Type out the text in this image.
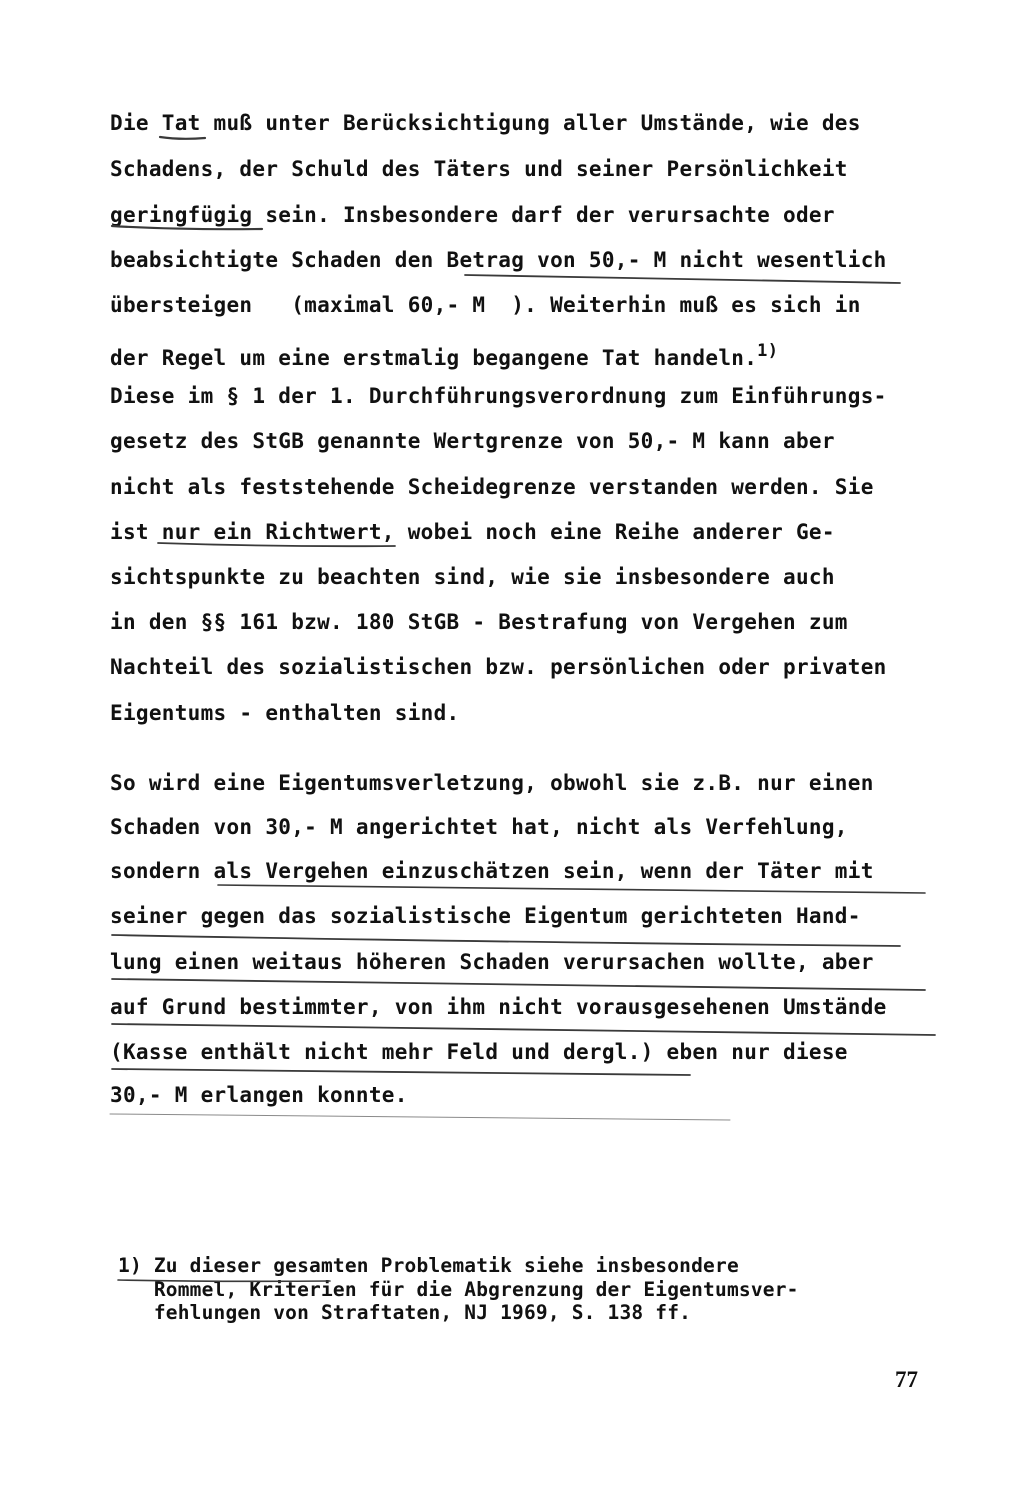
Die Tat muß unter Berücksichtigung aller Umstände, wie des
Schadens, der Schuld des Täters und seiner Persönlichkeit
geringfügig sein. Insbesondere darf der verursachte oder
beabsichtigte Schaden den Betrag von 50,- M nicht wesentlich
übersteigen   (maximal 60,- M  ). Weiterhin muß es sich in
der Regel um eine erstmalig begangene Tat handeln.$^{1)}$
Diese im § 1 der 1. Durchführungsverordnung zum Einführungs-
gesetz des StGB genannte Wertgrenze von 50,- M kann aber
nicht als feststehende Scheidegrenze verstanden werden. Sie
ist nur ein Richtwert, wobei noch eine Reihe anderer Ge-
sichtspunkte zu beachten sind, wie sie insbesondere auch
in den §§ 161 bzw. 180 StGB - Bestrafung von Vergehen zum
Nachteil des sozialistischen bzw. persönlichen oder privaten
Eigentums - enthalten sind.
So wird eine Eigentumsverletzung, obwohl sie z.B. nur einen
Schaden von 30,- M angerichtet hat, nicht als Verfehlung,
sondern als Vergehen einzuschätzen sein, wenn der Täter mit
seiner gegen das sozialistische Eigentum gerichteten Hand-
lung einen weitaus höheren Schaden verursachen wollte, aber
auf Grund bestimmter, von ihm nicht vorausgesehenen Umstände
(Kasse enthält nicht mehr Feld und dergl.) eben nur diese
30,- M erlangen konnte.
1) Zu dieser gesamten Problematik siehe insbesondere
Rommel, Kriterien für die Abgrenzung der Eigentumsver-
fehlungen von Straftaten, NJ 1969, S. 138 ff.
77
